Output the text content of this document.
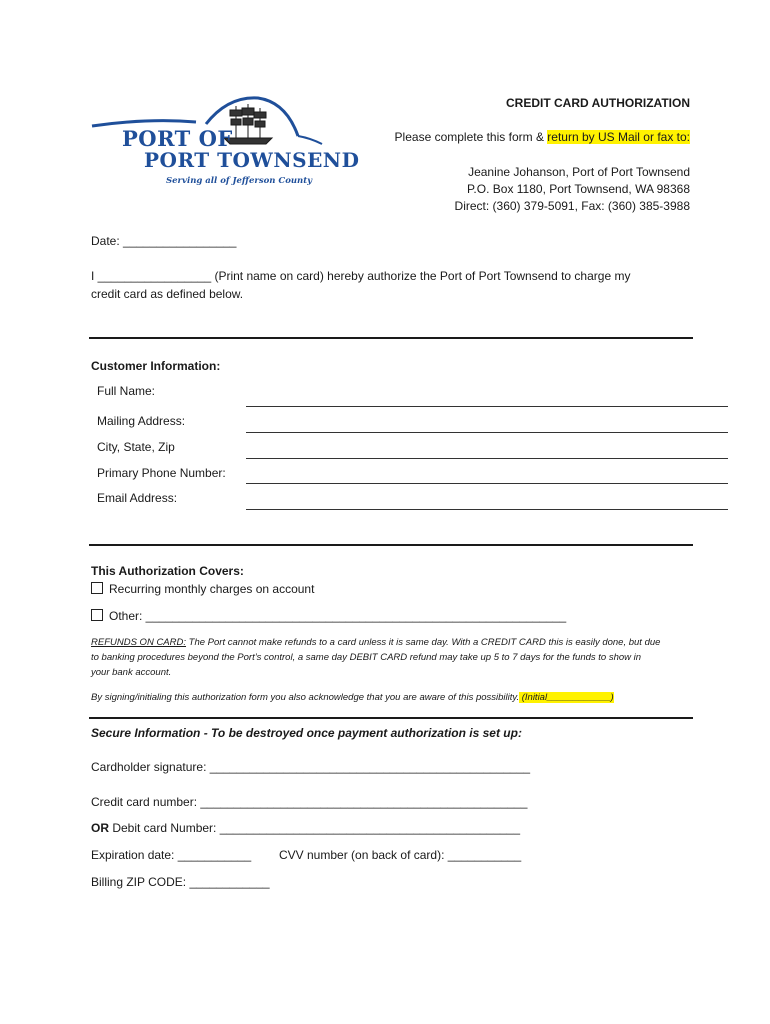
PORT OF
PORT TOWNSEND
Serving all of Jefferson County
CREDIT CARD AUTHORIZATION
Please complete this form & return by US Mail or fax to:
Jeanine Johanson, Port of Port Townsend
P.O. Box 1180, Port Townsend, WA 98368
Direct: (360) 379-5091, Fax: (360) 385-3988
Date: _________________
I _________________ (Print name on card) hereby authorize the Port of Port Townsend to charge my
credit card as defined below.
Customer Information:
Full Name:
Mailing Address:
City, State, Zip
Primary Phone Number:
Email Address:
This Authorization Covers:
Recurring monthly charges on account
Other: _______________________________________________________________
REFUNDS ON CARD: The Port cannot make refunds to a card unless it is same day. With a CREDIT CARD this is easily done, but due
to banking procedures beyond the Port’s control, a same day DEBIT CARD refund may take up 5 to 7 days for the funds to show in
your bank account.
By signing/initialing this authorization form you also acknowledge that you are aware of this possibility. (Initial____________)
Secure Information - To be destroyed once payment authorization is set up:
Cardholder signature: ________________________________________________
Credit card number: _________________________________________________
OR Debit card Number: _____________________________________________
Expiration date: ___________ CVV number (on back of card): ___________
Billing ZIP CODE: ____________
